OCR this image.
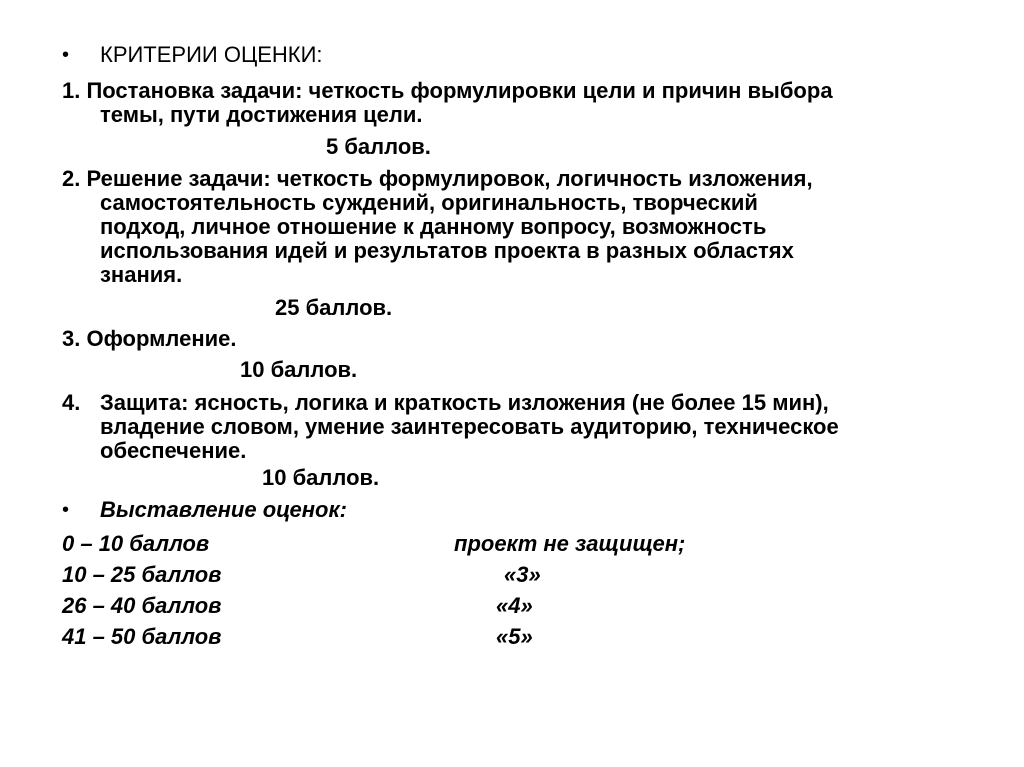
• КРИТЕРИИ ОЦЕНКИ:
1. Постановка задачи: четкость формулировки цели и причин выбора
темы, пути достижения цели.
5 баллов.
2. Решение задачи: четкость формулировок, логичность изложения,
самостоятельность суждений, оригинальность, творческий
подход, личное отношение к данному вопросу, возможность
использования идей и результатов проекта в разных областях
знания.
25 баллов.
3. Оформление.
10 баллов.
4. Защита: ясность, логика и краткость изложения (не более 15 мин),
владение словом, умение заинтересовать аудиторию, техническое
обеспечение.
10 баллов.
• Выставление оценок:
0 – 10 баллов	проект не защищен;
10 – 25 баллов	«3»
26 – 40 баллов	«4»
41 – 50 баллов	«5»
